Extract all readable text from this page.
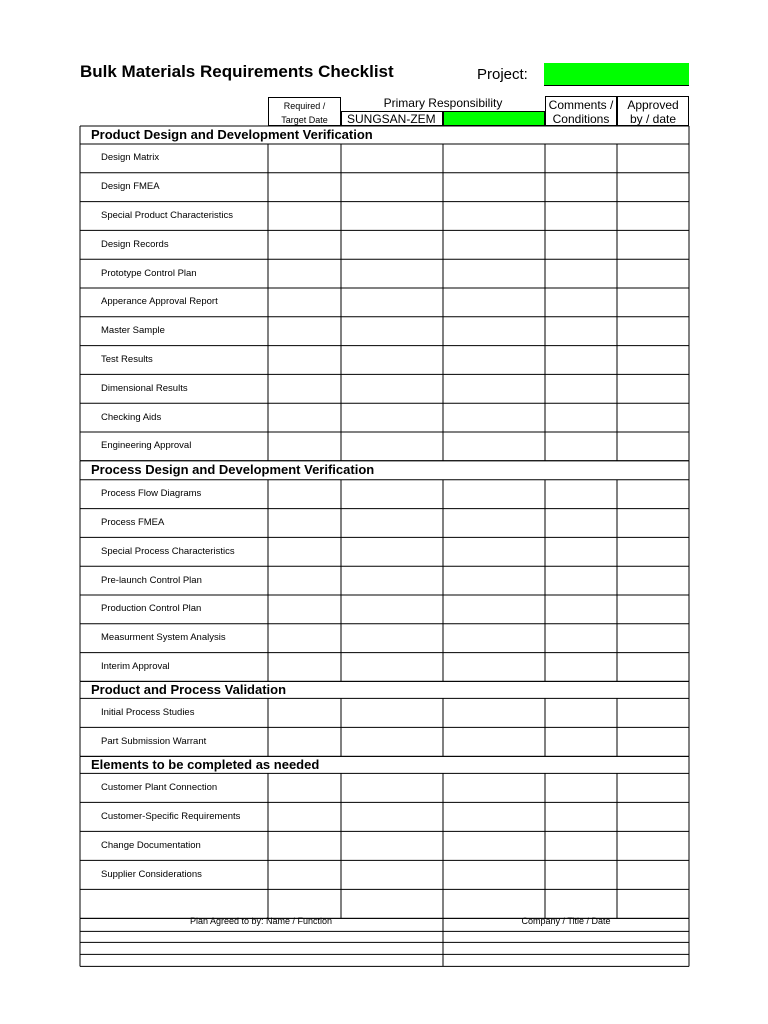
Bulk Materials Requirements Checklist	Project:
Required /
Target Date
Primary Responsibility
SUNGSAN-ZEM
Comments /
Conditions
Approved
by / date
Product Design and Development Verification
Design Matrix
Design FMEA
Special Product Characteristics
Design Records
Prototype Control Plan
Apperance Approval Report
Master Sample
Test Results
Dimensional Results
Checking Aids
Engineering Approval
Process Design and Development Verification
Process Flow Diagrams
Process FMEA
Special Process Characteristics
Pre-launch Control Plan
Production Control Plan
Measurment System Analysis
Interim Approval
Product and Process Validation
Initial Process Studies
Part Submission Warrant
Elements to be completed as needed
Customer Plant Connection
Customer-Specific Requirements
Change Documentation
Supplier Considerations
Plan Agreed to by: Name / Function	Company / Title / Date
